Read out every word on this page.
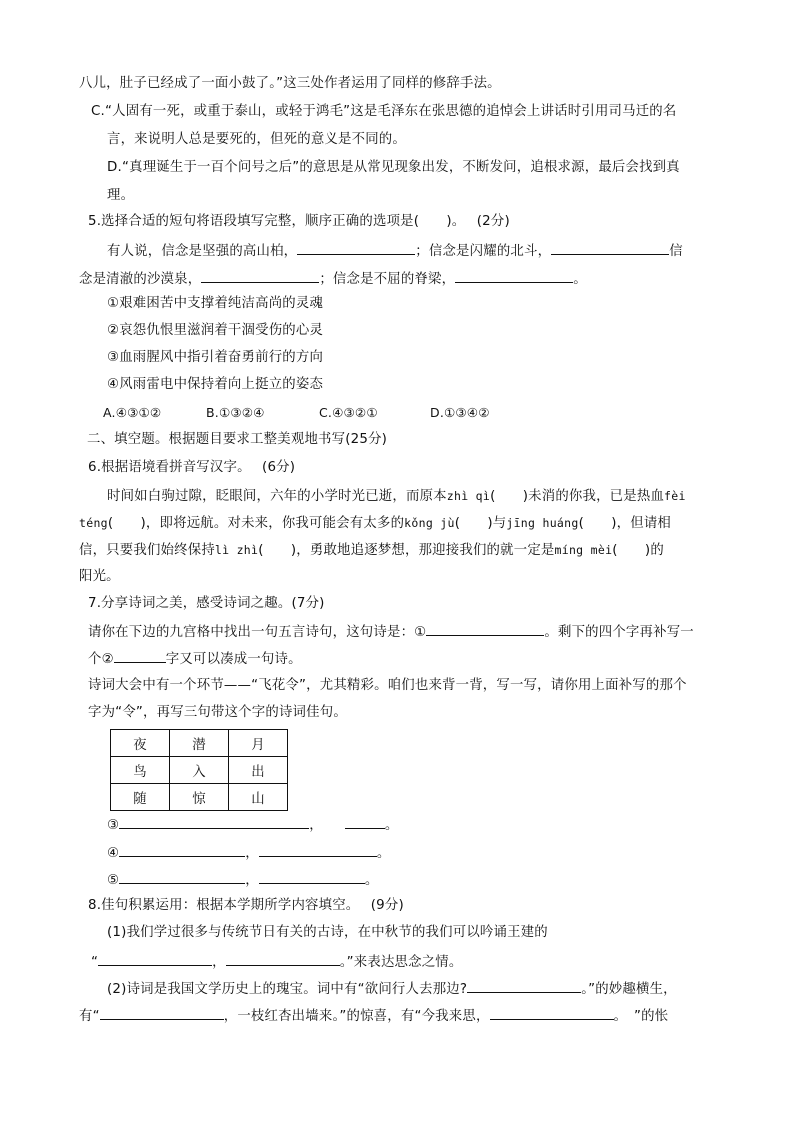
八儿，肚子已经成了一面小鼓了。”这三处作者运用了同样的修辞手法。
C.“人固有一死，或重于泰山，或轻于鸿毛”这是毛泽东在张思德的追悼会上讲话时引用司马迁的名
言，来说明人总是要死的，但死的意义是不同的。
D.“真理诞生于一百个问号之后”的意思是从常见现象出发，不断发问，追根求源，最后会找到真
理。
5.选择合适的短句将语段填写完整，顺序正确的选项是(　　)。　 (2分)
有人说，信念是坚强的高山柏，	；信念是闪耀的北斗，	信
念是清澈的沙漠泉，	；信念是不屈的脊梁，	。
①艰难困苦中支撑着纯洁高尚的灵魂
②哀怨仇恨里滋润着干涸受伤的心灵
③血雨腥风中指引着奋勇前行的方向
④风雨雷电中保持着向上挺立的姿态
A.④③①②	B.①③②④	C.④③②①	D.①③④②
二、填空题。根据题目要求工整美观地书写(25分)
6.根据语境看拼音写汉字。　 (6分)
时间如白驹过隙，眨眼间，六年的小学时光已逝，而原本zhì qì(　　)未消的你我，已是热血fèi
téng(　　)，即将远航。对未来，你我可能会有太多的kǒng jù(　　)与jīng huáng(　　)，但请相
信，只要我们始终保持lì zhì(　　)，勇敢地追逐梦想，那迎接我们的就一定是míng mèi(　　)的
阳光。
7.分享诗词之美，感受诗词之趣。(7分)
请你在下边的九宫格中找出一句五言诗句，这句诗是：①	。剩下的四个字再补写一
个②	字又可以凑成一句诗。
诗词大会中有一个环节——“飞花令”，尤其精彩。咱们也来背一背，写一写，请你用上面补写的那个
字为“令”，再写三句带这个字的诗词佳句。
夜	潜	月
鸟	入	出
随	惊	山
③	，	。
④	，	。
⑤	，	。
8.佳句积累运用：根据本学期所学内容填空。　 (9分)
(1)我们学过很多与传统节日有关的古诗，在中秋节的我们可以吟诵王建的
“	，	。”来表达思念之情。
(2)诗词是我国文学历史上的瑰宝。词中有“欲问行人去那边?	。”的妙趣横生，
有“	，一枝红杏出墙来。”的惊喜，有“今我来思，	。　”的怅
